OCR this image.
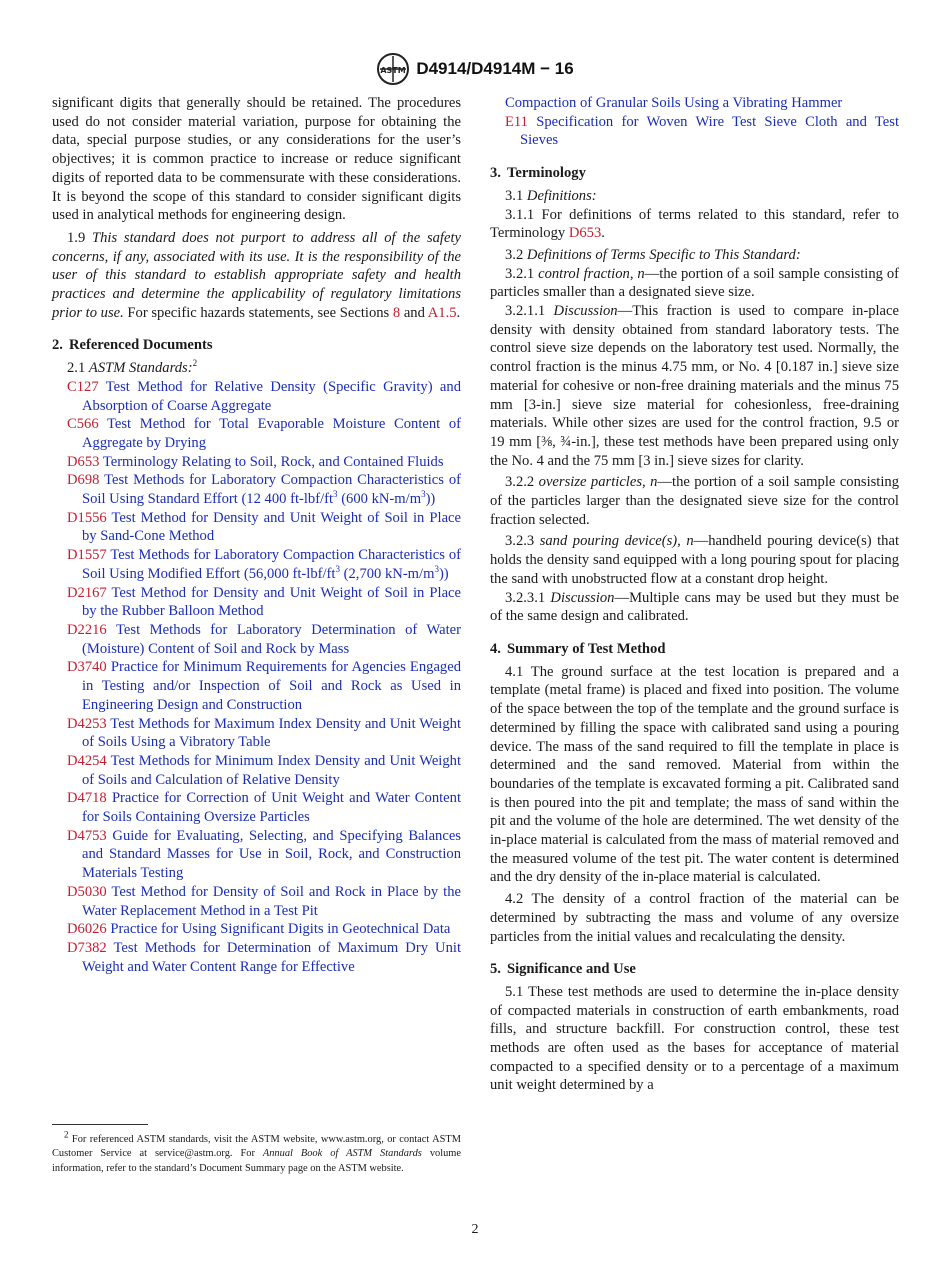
ASTM D4914/D4914M − 16

significant digits that generally should be retained. The procedures used do not consider material variation, purpose for obtaining the data, special purpose studies, or any considerations for the user’s objectives; it is common practice to increase or reduce significant digits of reported data to be commensurate with these considerations. It is beyond the scope of this standard to consider significant digits used in analytical methods for engineering design.

1.9 This standard does not purport to address all of the safety concerns, if any, associated with its use. It is the responsibility of the user of this standard to establish appropriate safety and health practices and determine the applicability of regulatory limitations prior to use. For specific hazards statements, see Sections 8 and A1.5.

2. Referenced Documents

2.1 ASTM Standards:$^2$

C127 Test Method for Relative Density (Specific Gravity) and Absorption of Coarse Aggregate

C566 Test Method for Total Evaporable Moisture Content of Aggregate by Drying

D653 Terminology Relating to Soil, Rock, and Contained Fluids

D698 Test Methods for Laboratory Compaction Characteristics of Soil Using Standard Effort (12 400 $ft-lbf/ft^3$ (600 $kN-m/m^3$))

D1556 Test Method for Density and Unit Weight of Soil in Place by Sand-Cone Method

D1557 Test Methods for Laboratory Compaction Characteristics of Soil Using Modified Effort (56,000 $ft-lbf/ft^3$ (2,700 $kN-m/m^3$))

D2167 Test Method for Density and Unit Weight of Soil in Place by the Rubber Balloon Method

D2216 Test Methods for Laboratory Determination of Water (Moisture) Content of Soil and Rock by Mass

D3740 Practice for Minimum Requirements for Agencies Engaged in Testing and/or Inspection of Soil and Rock as Used in Engineering Design and Construction

D4253 Test Methods for Maximum Index Density and Unit Weight of Soils Using a Vibratory Table

D4254 Test Methods for Minimum Index Density and Unit Weight of Soils and Calculation of Relative Density

D4718 Practice for Correction of Unit Weight and Water Content for Soils Containing Oversize Particles

D4753 Guide for Evaluating, Selecting, and Specifying Balances and Standard Masses for Use in Soil, Rock, and Construction Materials Testing

D5030 Test Method for Density of Soil and Rock in Place by the Water Replacement Method in a Test Pit

D6026 Practice for Using Significant Digits in Geotechnical Data

D7382 Test Methods for Determination of Maximum Dry Unit Weight and Water Content Range for Effective

$^2$ For referenced ASTM standards, visit the ASTM website, www.astm.org, or contact ASTM Customer Service at service@astm.org. For Annual Book of ASTM Standards volume information, refer to the standard’s Document Summary page on the ASTM website.

Compaction of Granular Soils Using a Vibrating Hammer

E11 Specification for Woven Wire Test Sieve Cloth and Test Sieves

3. Terminology

3.1 Definitions:

3.1.1 For definitions of terms related to this standard, refer to Terminology D653.

3.2 Definitions of Terms Specific to This Standard:

3.2.1 control fraction, n—the portion of a soil sample consisting of particles smaller than a designated sieve size.

3.2.1.1 Discussion—This fraction is used to compare in-place density with density obtained from standard laboratory tests. The control sieve size depends on the laboratory test used. Normally, the control fraction is the minus 4.75 mm, or No. 4 [0.187 in.] sieve size material for cohesive or non-free draining materials and the minus 75 mm [3-in.] sieve size material for cohesionless, free-draining materials. While other sizes are used for the control fraction, 9.5 or 19 mm [⅜, ¾-in.], these test methods have been prepared using only the No. 4 and the 75 mm [3 in.] sieve sizes for clarity.

3.2.2 oversize particles, n—the portion of a soil sample consisting of the particles larger than the designated sieve size for the control fraction selected.

3.2.3 sand pouring device(s), n—handheld pouring device(s) that holds the density sand equipped with a long pouring spout for placing the sand with unobstructed flow at a constant drop height.

3.2.3.1 Discussion—Multiple cans may be used but they must be of the same design and calibrated.

4. Summary of Test Method

4.1 The ground surface at the test location is prepared and a template (metal frame) is placed and fixed into position. The volume of the space between the top of the template and the ground surface is determined by filling the space with calibrated sand using a pouring device. The mass of the sand required to fill the template in place is determined and the sand removed. Material from within the boundaries of the template is excavated forming a pit. Calibrated sand is then poured into the pit and template; the mass of sand within the pit and the volume of the hole are determined. The wet density of the in-place material is calculated from the mass of material removed and the measured volume of the test pit. The water content is determined and the dry density of the in-place material is calculated.

4.2 The density of a control fraction of the material can be determined by subtracting the mass and volume of any oversize particles from the initial values and recalculating the density.

5. Significance and Use

5.1 These test methods are used to determine the in-place density of compacted materials in construction of earth embankments, road fills, and structure backfill. For construction control, these test methods are often used as the bases for acceptance of material compacted to a specified density or to a percentage of a maximum unit weight determined by a

2
